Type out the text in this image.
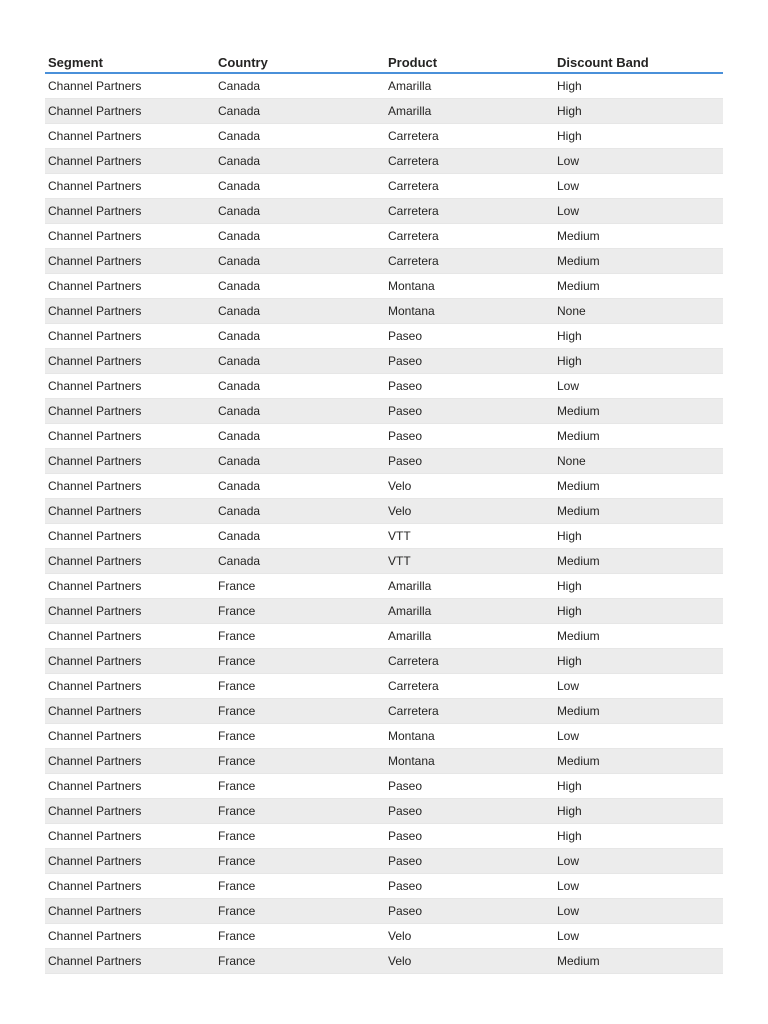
Segment	Country	Product	Discount Band
Channel Partners	Canada	Amarilla	High
Channel Partners	Canada	Amarilla	High
Channel Partners	Canada	Carretera	High
Channel Partners	Canada	Carretera	Low
Channel Partners	Canada	Carretera	Low
Channel Partners	Canada	Carretera	Low
Channel Partners	Canada	Carretera	Medium
Channel Partners	Canada	Carretera	Medium
Channel Partners	Canada	Montana	Medium
Channel Partners	Canada	Montana	None
Channel Partners	Canada	Paseo	High
Channel Partners	Canada	Paseo	High
Channel Partners	Canada	Paseo	Low
Channel Partners	Canada	Paseo	Medium
Channel Partners	Canada	Paseo	Medium
Channel Partners	Canada	Paseo	None
Channel Partners	Canada	Velo	Medium
Channel Partners	Canada	Velo	Medium
Channel Partners	Canada	VTT	High
Channel Partners	Canada	VTT	Medium
Channel Partners	France	Amarilla	High
Channel Partners	France	Amarilla	High
Channel Partners	France	Amarilla	Medium
Channel Partners	France	Carretera	High
Channel Partners	France	Carretera	Low
Channel Partners	France	Carretera	Medium
Channel Partners	France	Montana	Low
Channel Partners	France	Montana	Medium
Channel Partners	France	Paseo	High
Channel Partners	France	Paseo	High
Channel Partners	France	Paseo	High
Channel Partners	France	Paseo	Low
Channel Partners	France	Paseo	Low
Channel Partners	France	Paseo	Low
Channel Partners	France	Velo	Low
Channel Partners	France	Velo	Medium
